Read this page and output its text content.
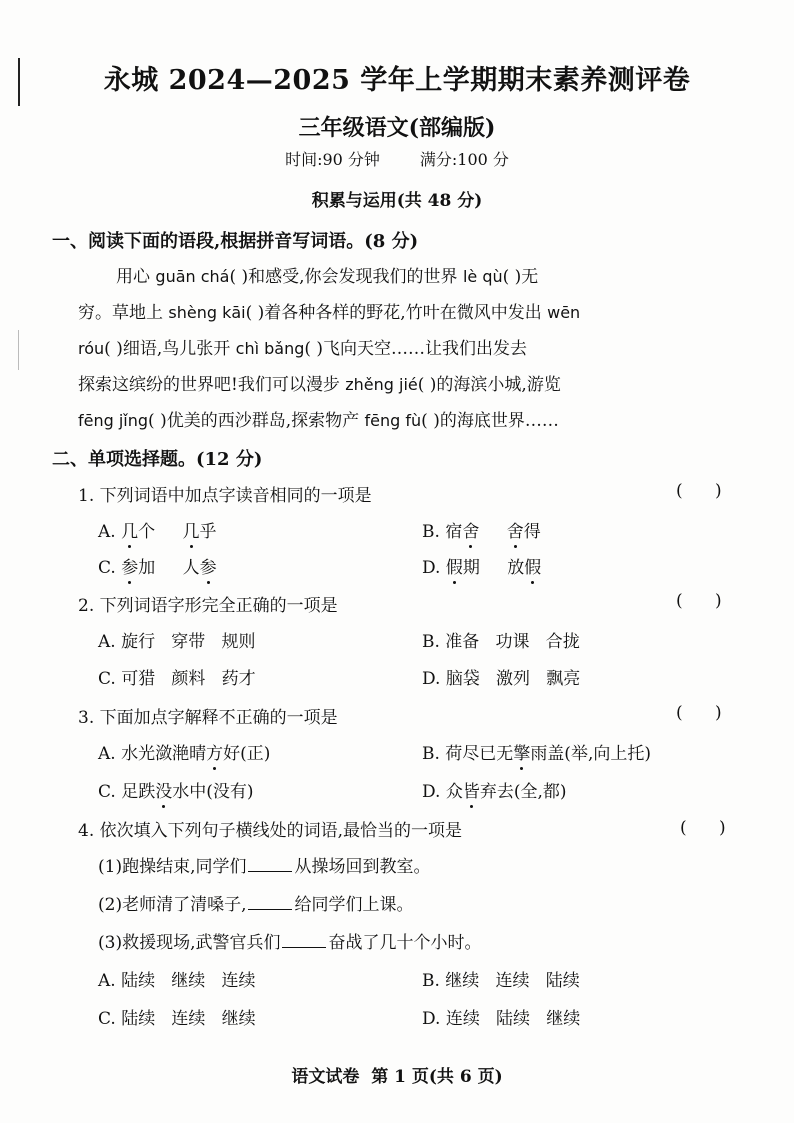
永城 2024—2025 学年上学期期末素养测评卷
三年级语文(部编版)
时间:90 分钟	满分:100 分
积累与运用(共 48 分)
一、阅读下面的语段,根据拼音写词语。(8 分)
用心 guān chá( )和感受,你会发现我们的世界 lè qù( )无
穷。草地上 shèng kāi( )着各种各样的野花,竹叶在微风中发出 wēn
róu( )细语,鸟儿张开 chì bǎng( )飞向天空……让我们出发去
探索这缤纷的世界吧!我们可以漫步 zhěng jié( )的海滨小城,游览
fēng jǐng( )优美的西沙群岛,探索物产 fēng fù( )的海底世界……
二、单项选择题。(12 分)
1. 下列词语中加点字读音相同的一项是	(      )
A. 几个 几乎	B. 宿舍 舍得
C. 参加 人参	D. 假期 放假
2. 下列词语字形完全正确的一项是	(      )
A. 旋行   穿带   规则	B. 准备   功课   合拢
C. 可猎   颜料   药才	D. 脑袋   激列   飘亮
3. 下面加点字解释不正确的一项是	(      )
A. 水光潋滟晴方好(正)	B. 荷尽已无擎雨盖(举,向上托)
C. 足跌没水中(没有)	D. 众皆弃去(全,都)
4. 依次填入下列句子横线处的词语,最恰当的一项是	(      )
(1)跑操结束,同学们	从操场回到教室。
(2)老师清了清嗓子,	给同学们上课。
(3)救援现场,武警官兵们	奋战了几十个小时。
A. 陆续   继续   连续	B. 继续   连续   陆续
C. 陆续   连续   继续	D. 连续   陆续   继续
语文试卷  第 1 页(共 6 页)
